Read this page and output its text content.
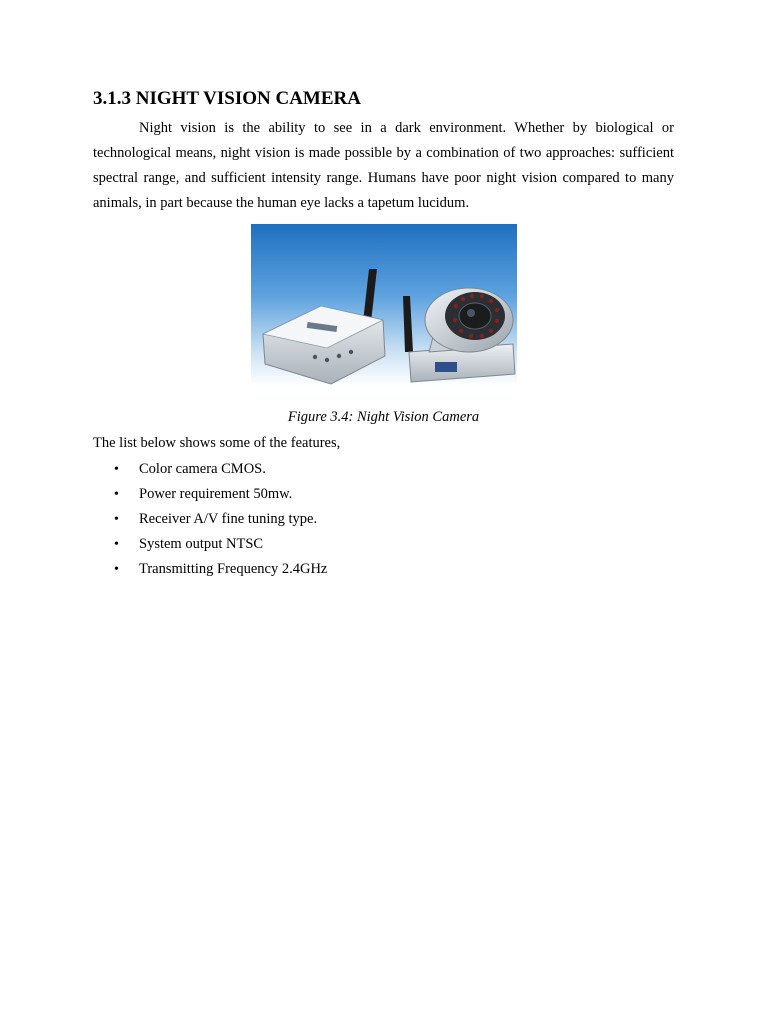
3.1.3 NIGHT VISION CAMERA

Night vision is the ability to see in a dark environment. Whether by biological or technological means, night vision is made possible by a combination of two approaches: sufficient spectral range, and sufficient intensity range. Humans have poor night vision compared to many animals, in part because the human eye lacks a tapetum lucidum.

Figure 3.4: Night Vision Camera

The list below shows some of the features,

• Color camera CMOS.
• Power requirement 50mw.
• Receiver A/V fine tuning type.
• System output NTSC
• Transmitting Frequency 2.4GHz
